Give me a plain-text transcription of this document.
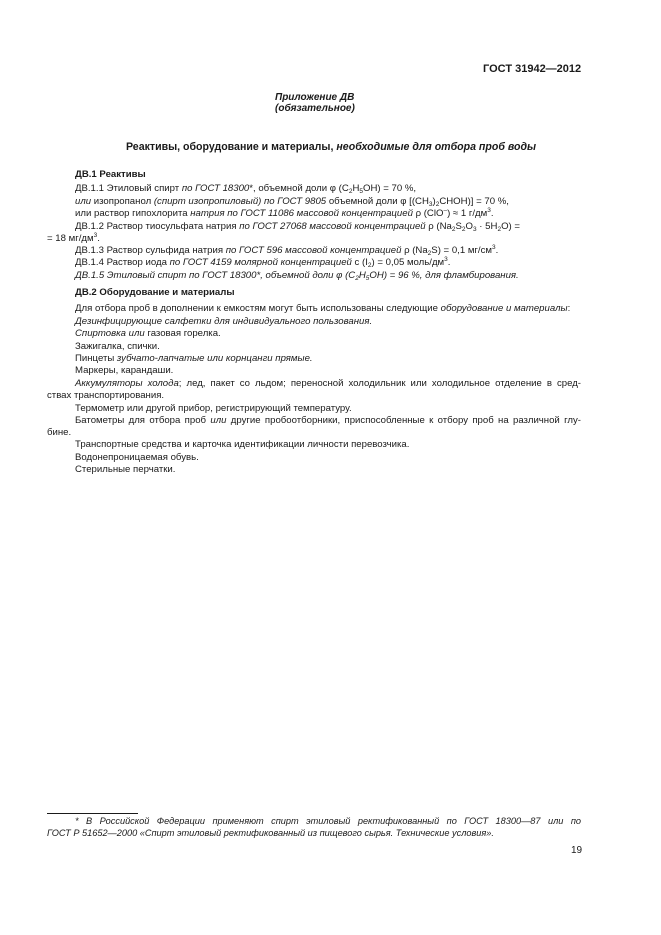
ГОСТ 31942—2012
Приложение ДВ
(обязательное)
Реактивы, оборудование и материалы, необходимые для отбора проб воды
ДВ.1 Реактивы
ДВ.1.1 Этиловый спирт по ГОСТ 18300*, объемной доли φ $(C_2H_5OH) = 70$ %,
или изопропанол (спирт изопропиловый) по ГОСТ 9805 объемной доли φ $[(CH_3)_2CHOH)] = 70$ %,
или раствор гипохлорита натрия по ГОСТ 11086 массовой концентрацией ρ (ClO–) ≈ 1 $г/дм^3$.
ДВ.1.2 Раствор тиосульфата натрия по ГОСТ 27068 массовой концентрацией ρ $(Na_2S_2O_3 \cdot 5H_2O)$ =
= 18 $мг/дм^3$.
ДВ.1.3 Раствор сульфида натрия по ГОСТ 596 массовой концентрацией ρ $(Na_2S) = 0,1$ $мг/см^3$.
ДВ.1.4 Раствор иода по ГОСТ 4159 молярной концентрацией c $(I_2) = 0,05$ моль/$дм^3$.
ДВ.1.5 Этиловый спирт по ГОСТ 18300*, объемной доли φ $(C_2H_5OH) = 96$ %, для фламбирования.
ДВ.2 Оборудование и материалы
Для отбора проб в дополнении к емкостям могут быть использованы следующие оборудование и материалы:
Дезинфицирующие салфетки для индивидуального пользования.
Спиртовка или газовая горелка.
Зажигалка, спички.
Пинцеты зубчато-лапчатые или корнцанги прямые.
Маркеры, карандаши.
Аккумуляторы холода; лед, пакет со льдом; переносной холодильник или холодильное отделение в сред-
ствах транспортирования.
Термометр или другой прибор, регистрирующий температуру.
Батометры для отбора проб или другие пробоотборники, приспособленные к отбору проб на различной глу-
бине.
Транспортные средства и карточка идентификации личности перевозчика.
Водонепроницаемая обувь.
Стерильные перчатки.
* В Российской Федерации применяют спирт этиловый ректификованный по ГОСТ 18300—87 или по
ГОСТ Р 51652—2000 «Спирт этиловый ректификованный из пищевого сырья. Технические условия».
19
